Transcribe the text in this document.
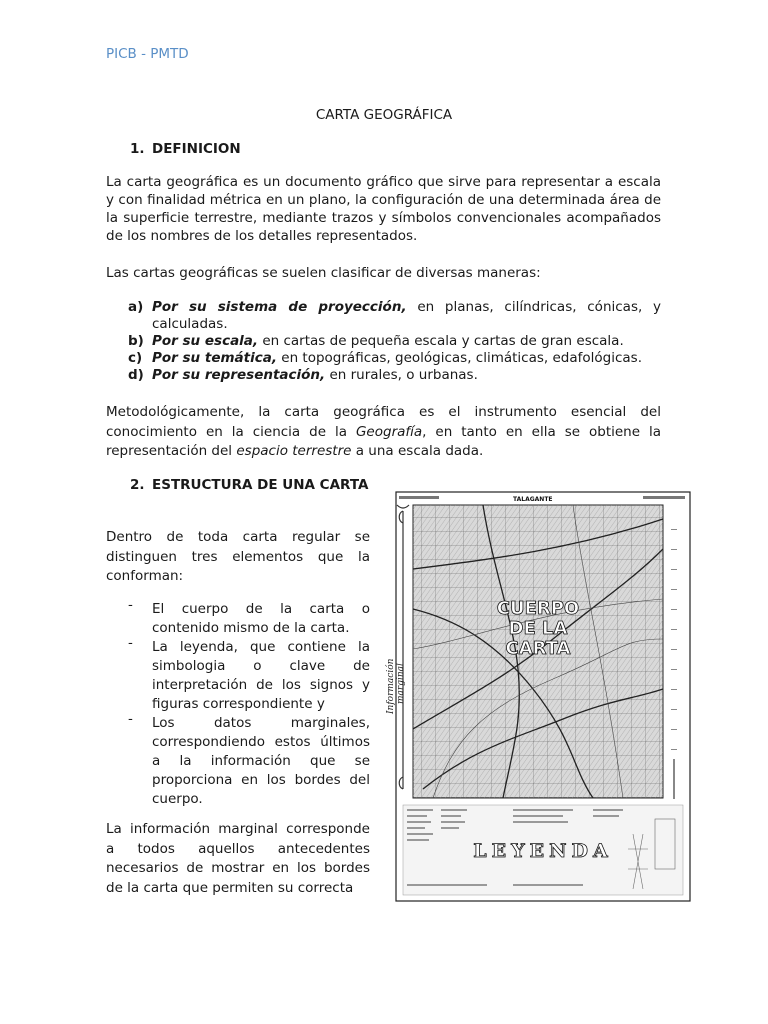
PICB - PMTD
CARTA GEOGRÁFICA
1. DEFINICION
La carta geográfica es un documento gráfico que sirve para representar a escala y con finalidad métrica en un plano, la configuración de una determinada área de la superficie terrestre, mediante trazos y símbolos convencionales acompañados de los nombres de los detalles representados.
Las cartas geográficas se suelen clasificar de diversas maneras:
a) Por su sistema de proyección, en planas, cilíndricas, cónicas, y calculadas.
b) Por su escala, en cartas de pequeña escala y cartas de gran escala.
c) Por su temática, en topográficas, geológicas, climáticas, edafológicas.
d) Por su representación, en rurales, o urbanas.
Metodológicamente, la carta geográfica es el instrumento esencial del conocimiento en la ciencia de la Geografía, en tanto en ella se obtiene la representación del espacio terrestre a una escala dada.
2. ESTRUCTURA DE UNA CARTA
Dentro de toda carta regular se distinguen tres elementos que la conforman:
-	El cuerpo de la carta o contenido mismo de la carta.
-	La leyenda, que contiene la simbologia o clave de interpretación de los signos y figuras correspondiente y
-	Los datos marginales, correspondiendo estos últimos a la información que se proporciona en los bordes del cuerpo.
La información marginal corresponde a todos aquellos antecedentes necesarios de mostrar en los bordes de la carta que permiten su correcta
TALAGANTE
CUERPO
DE LA
CARTA
Información marginal
LEYENDA
